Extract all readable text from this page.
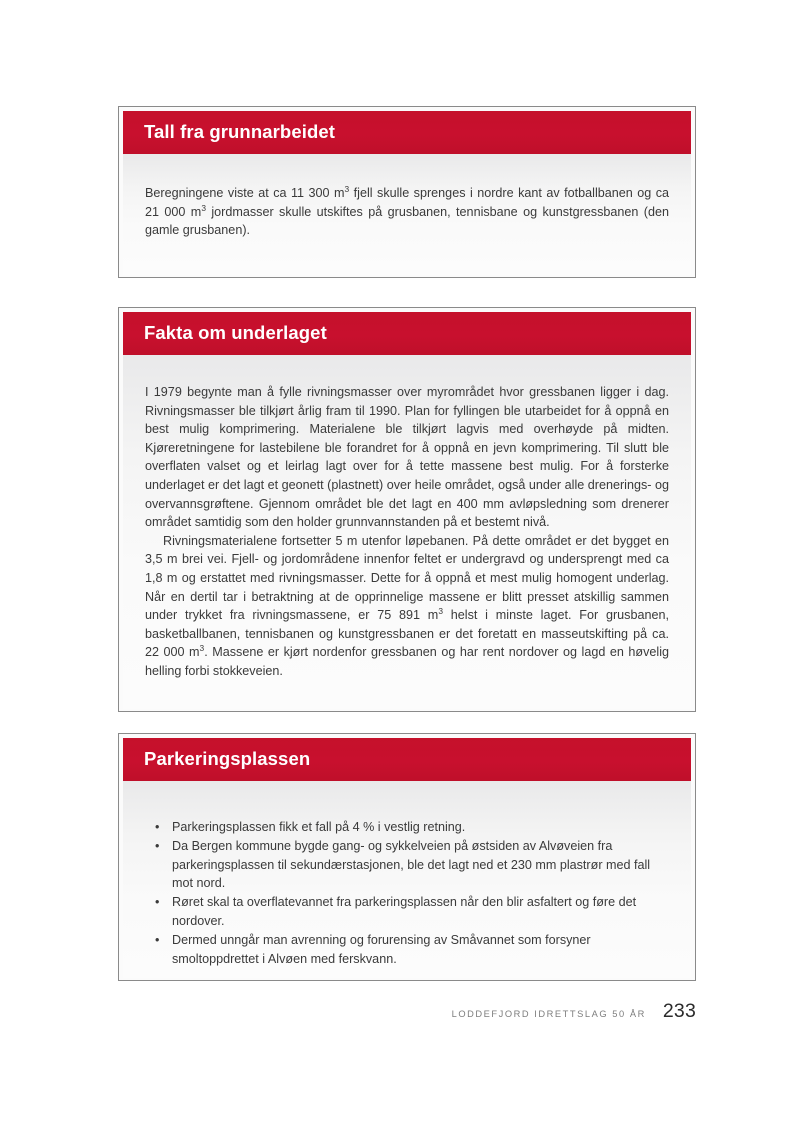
Tall fra grunnarbeidet

Beregningene viste at ca 11 300 $m^3$ fjell skulle sprenges i nordre kant av fotballbanen og ca 21 000 $m^3$ jordmasser skulle utskiftes på grusbanen, tennisbane og kunstgressbanen (den gamle grusbanen).

Fakta om underlaget

I 1979 begynte man å fylle rivningsmasser over myrområdet hvor gressbanen ligger i dag. Rivningsmasser ble tilkjørt årlig fram til 1990. Plan for fyllingen ble utarbeidet for å oppnå en best mulig komprimering. Materialene ble tilkjørt lagvis med overhøyde på midten. Kjøreretningene for lastebilene ble forandret for å oppnå en jevn komprimering. Til slutt ble overflaten valset og et leirlag lagt over for å tette massene best mulig. For å forsterke underlaget er det lagt et geonett (plastnett) over heile området, også under alle drenerings- og overvannsgrøftene. Gjennom området ble det lagt en 400 mm avløpsledning som drenerer området samtidig som den holder grunnvannstanden på et bestemt nivå.

Rivningsmaterialene fortsetter 5 m utenfor løpebanen. På dette området er det bygget en 3,5 m brei vei. Fjell- og jordområdene innenfor feltet er undergravd og undersprengt med ca 1,8 m og erstattet med rivningsmasser. Dette for å oppnå et mest mulig homogent underlag. Når en dertil tar i betraktning at de opprinnelige massene er blitt presset atskillig sammen under trykket fra rivningsmassene, er 75 891 $m^3$ helst i minste laget. For grusbanen, basketballbanen, tennisbanen og kunstgressbanen er det foretatt en masseutskifting på ca. 22 000 $m^3$. Massene er kjørt nordenfor gressbanen og har rent nordover og lagd en høvelig helling forbi stokkeveien.

Parkeringsplassen
• Parkeringsplassen fikk et fall på 4 % i vestlig retning.
• Da Bergen kommune bygde gang- og sykkelveien på østsiden av Alvøveien fra parkeringsplassen til sekundærstasjonen, ble det lagt ned et 230 mm plastrør med fall mot nord.
• Røret skal ta overflatevannet fra parkeringsplassen når den blir asfaltert og føre det nordover.
• Dermed unngår man avrenning og forurensing av Småvannet som forsyner smoltoppdrettet i Alvøen med ferskvann.
LODDEFJORD IDRETTSLAG 50 ÅR 233
